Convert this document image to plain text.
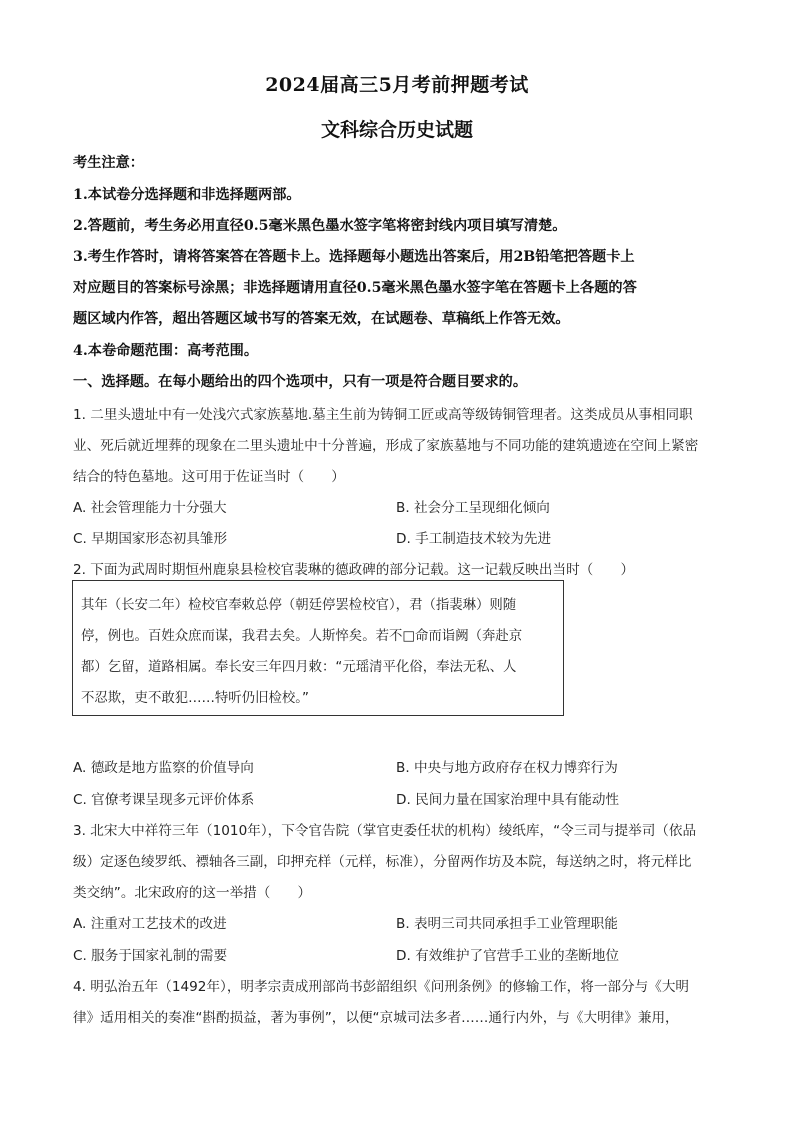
2024届高三5月考前押题考试
文科综合历史试题
考生注意：
1.本试卷分选择题和非选择题两部。
2.答题前，考生务必用直径0.5毫米黑色墨水签字笔将密封线内项目填写清楚。
3.考生作答时，请将答案答在答题卡上。选择题每小题选出答案后，用2B铅笔把答题卡上
对应题目的答案标号涂黑；非选择题请用直径0.5毫米黑色墨水签字笔在答题卡上各题的答
题区域内作答，超出答题区域书写的答案无效，在试题卷、草稿纸上作答无效。
4.本卷命题范围：高考范围。
一、选择题。在每小题给出的四个选项中，只有一项是符合题目要求的。
1. 二里头遗址中有一处浅穴式家族墓地.墓主生前为铸铜工匠或高等级铸铜管理者。这类成员从事相同职
业、死后就近埋葬的现象在二里头遗址中十分普遍，形成了家族墓地与不同功能的建筑遗迹在空间上紧密
结合的特色墓地。这可用于佐证当时（　　）
A. 社会管理能力十分强大	B. 社会分工呈现细化倾向
C. 早期国家形态初具雏形	D. 手工制造技术较为先进
2. 下面为武周时期恒州鹿泉县检校官裴琳的德政碑的部分记载。这一记载反映出当时（　　）
其年（长安二年）检校官奉敕总停（朝廷停罢检校官），君（指裴琳）则随
停，例也。百姓众庶而谋，我君去矣。人斯悴矣。若不□命而诣阙（奔赴京
都）乞留，道路相属。奉长安三年四月敕：“元瑶清平化俗，奉法无私、人
不忍欺，吏不敢犯……特听仍旧检校。”
A. 德政是地方监察的价值导向	B. 中央与地方政府存在权力博弈行为
C. 官僚考课呈现多元评价体系	D. 民间力量在国家治理中具有能动性
3. 北宋大中祥符三年（1010年），下令官告院（掌官吏委任状的机构）绫纸库，“令三司与提举司（依品
级）定逐色绫罗纸、褾轴各三副，印押充样（元样，标准），分留两作坊及本院，每送纳之时，将元样比
类交纳”。北宋政府的这一举措（　　）
A. 注重对工艺技术的改进	B. 表明三司共同承担手工业管理职能
C. 服务于国家礼制的需要	D. 有效维护了官营手工业的垄断地位
4. 明弘治五年（1492年），明孝宗责成刑部尚书彭韶组织《问刑条例》的修输工作，将一部分与《大明
律》适用相关的奏准“斟酌损益，著为事例”，以便“京城司法多者……通行内外，与《大明律》兼用，
